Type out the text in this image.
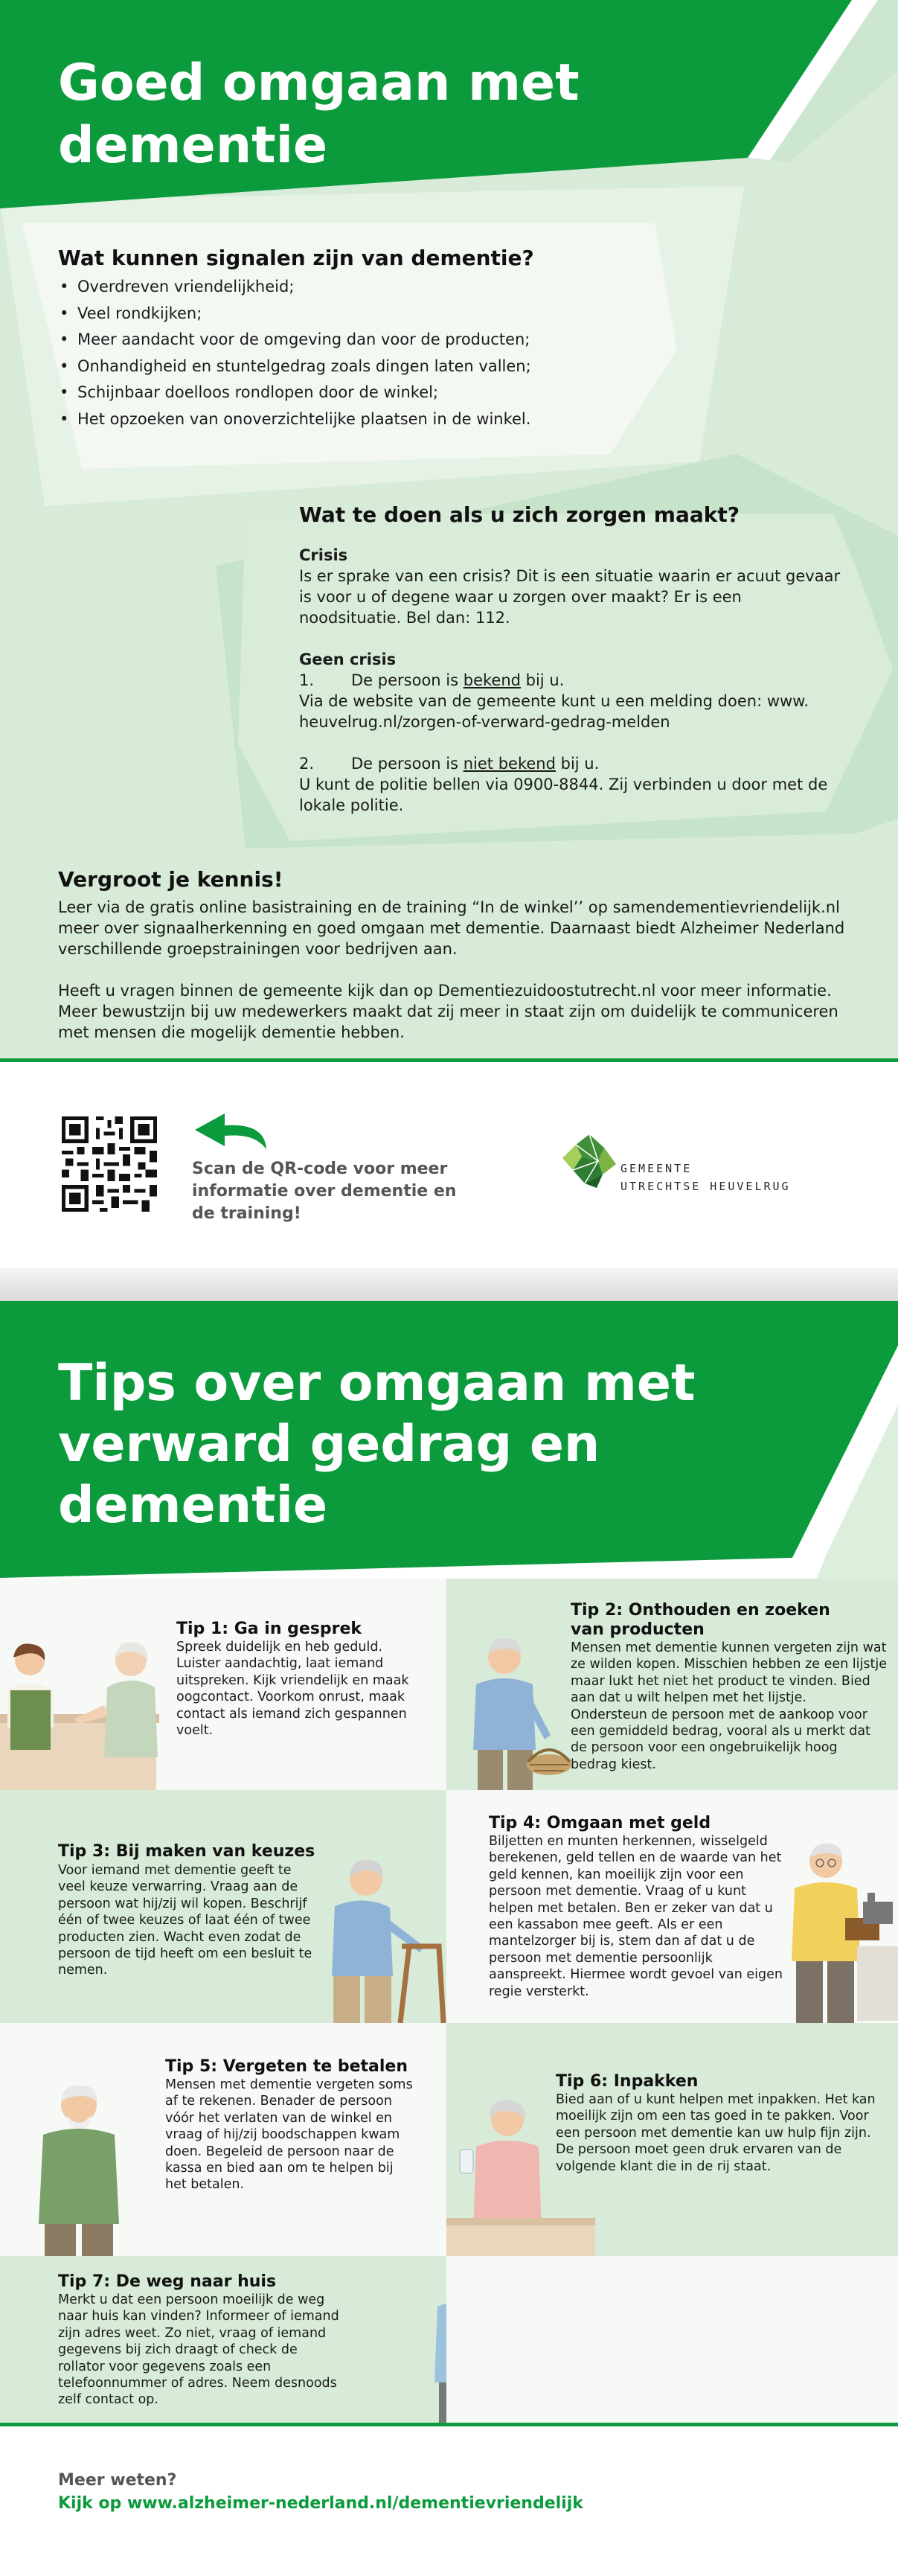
Goed omgaan met dementie
Wat kunnen signalen zijn van dementie?
• Overdreven vriendelijkheid;
• Veel rondkijken;
• Meer aandacht voor de omgeving dan voor de producten;
• Onhandigheid en stuntelgedrag zoals dingen laten vallen;
• Schijnbaar doelloos rondlopen door de winkel;
• Het opzoeken van onoverzichtelijke plaatsen in de winkel.
Wat te doen als u zich zorgen maakt?
Crisis
Is er sprake van een crisis? Dit is een situatie waarin er acuut gevaar is voor u of degene waar u zorgen over maakt? Er is een noodsituatie. Bel dan: 112.
Geen crisis
1.	De persoon is bekend bij u.
Via de website van de gemeente kunt u een melding doen: www. heuvelrug.nl/zorgen-of-verward-gedrag-melden
2.	De persoon is niet bekend bij u.
U kunt de politie bellen via 0900-8844. Zij verbinden u door met de lokale politie.
Vergroot je kennis!
Leer via de gratis online basistraining en de training “In de winkel’’ op samendementievriendelijk.nl meer over signaalherkenning en goed omgaan met dementie. Daarnaast biedt Alzheimer Nederland verschillende groepstrainingen voor bedrijven aan.
Heeft u vragen binnen de gemeente kijk dan op Dementiezuidoostutrecht.nl voor meer informatie. Meer bewustzijn bij uw medewerkers maakt dat zij meer in staat zijn om duidelijk te communiceren met mensen die mogelijk dementie hebben.
Scan de QR-code voor meer informatie over dementie en de training!
GEMEENTE
UTRECHTSE HEUVELRUG
Tips over omgaan met verward gedrag en dementie
Tip 1: Ga in gesprek
Spreek duidelijk en heb geduld. Luister aandachtig, laat iemand uitspreken. Kijk vriendelijk en maak oogcontact. Voorkom onrust, maak contact als iemand zich gespannen voelt.
Tip 2: Onthouden en zoeken van producten
Mensen met dementie kunnen vergeten zijn wat ze wilden kopen. Misschien hebben ze een lijstje maar lukt het niet het product te vinden. Bied aan dat u wilt helpen met het lijstje. Ondersteun de persoon met de aankoop voor een gemiddeld bedrag, vooral als u merkt dat de persoon voor een ongebruikelijk hoog bedrag kiest.
Tip 3: Bij maken van keuzes
Voor iemand met dementie geeft te veel keuze verwarring. Vraag aan de persoon wat hij/zij wil kopen. Beschrijf één of twee keuzes of laat één of twee producten zien. Wacht even zodat de persoon de tijd heeft om een besluit te nemen.
Tip 4: Omgaan met geld
Biljetten en munten herkennen, wisselgeld berekenen, geld tellen en de waarde van het geld kennen, kan moeilijk zijn voor een persoon met dementie. Vraag of u kunt helpen met betalen. Ben er zeker van dat u een kassabon mee geeft. Als er een mantelzorger bij is, stem dan af dat u de persoon met dementie persoonlijk aanspreekt. Hiermee wordt gevoel van eigen regie versterkt.
Tip 5: Vergeten te betalen
Mensen met dementie vergeten soms af te rekenen. Benader de persoon vóór het verlaten van de winkel en vraag of hij/zij boodschappen kwam doen. Begeleid de persoon naar de kassa en bied aan om te helpen bij het betalen.
Tip 6: Inpakken
Bied aan of u kunt helpen met inpakken. Het kan moeilijk zijn om een tas goed in te pakken. Voor een persoon met dementie kan uw hulp fijn zijn. De persoon moet geen druk ervaren van de volgende klant die in de rij staat.
Tip 7: De weg naar huis
Merkt u dat een persoon moeilijk de weg naar huis kan vinden? Informeer of iemand zijn adres weet. Zo niet, vraag of iemand gegevens bij zich draagt of check de rollator voor gegevens zoals een telefoonnummer of adres. Neem desnoods zelf contact op.
Meer weten?
Kijk op www.alzheimer-nederland.nl/dementievriendelijk
